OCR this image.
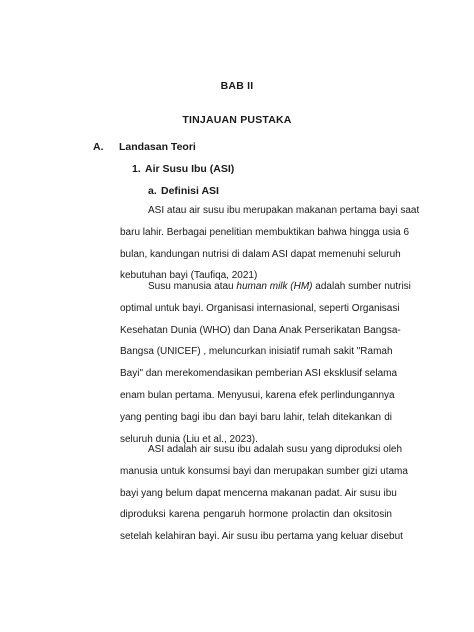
BAB II
TINJAUAN PUSTAKA
A. Landasan Teori
1. Air Susu Ibu (ASI)
a. Definisi ASI
ASI atau air susu ibu merupakan makanan pertama bayi saat
baru lahir. Berbagai penelitian membuktikan bahwa hingga usia 6
bulan, kandungan nutrisi di dalam ASI dapat memenuhi seluruh
kebutuhan bayi (Taufiqa, 2021)
Susu manusia atau human milk (HM) adalah sumber nutrisi
optimal untuk bayi. Organisasi internasional, seperti Organisasi
Kesehatan Dunia (WHO) dan Dana Anak Perserikatan Bangsa-
Bangsa (UNICEF) , meluncurkan inisiatif rumah sakit "Ramah
Bayi" dan merekomendasikan pemberian ASI eksklusif selama
enam bulan pertama. Menyusui, karena efek perlindungannya
yang penting bagi ibu dan bayi baru lahir, telah ditekankan di
seluruh dunia (Liu et al., 2023).
ASI adalah air susu ibu adalah susu yang diproduksi oleh
manusia untuk konsumsi bayi dan merupakan sumber gizi utama
bayi yang belum dapat mencerna makanan padat. Air susu ibu
diproduksi karena pengaruh hormone prolactin dan oksitosin
setelah kelahiran bayi. Air susu ibu pertama yang keluar disebut
